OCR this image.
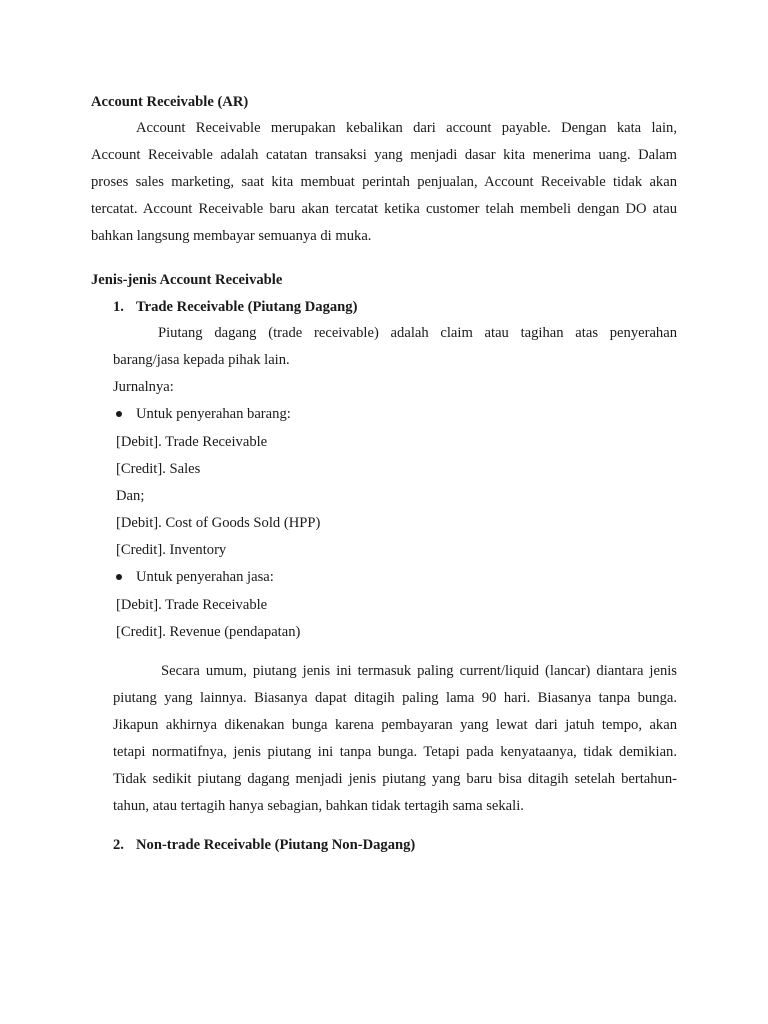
Account Receivable (AR)
Account Receivable merupakan kebalikan dari account payable. Dengan kata lain,
Account Receivable adalah catatan transaksi yang menjadi dasar kita menerima uang. Dalam
proses sales marketing, saat kita membuat perintah penjualan, Account Receivable tidak akan
tercatat. Account Receivable baru akan tercatat ketika customer telah membeli dengan DO atau
bahkan langsung membayar semuanya di muka.
Jenis-jenis Account Receivable
1. Trade Receivable (Piutang Dagang)
Piutang dagang (trade receivable) adalah claim atau tagihan atas penyerahan
barang/jasa kepada pihak lain.
Jurnalnya:
Untuk penyerahan barang:
[Debit]. Trade Receivable
[Credit]. Sales
Dan;
[Debit]. Cost of Goods Sold (HPP)
[Credit]. Inventory
Untuk penyerahan jasa:
[Debit]. Trade Receivable
[Credit]. Revenue (pendapatan)
Secara umum, piutang jenis ini termasuk paling current/liquid (lancar) diantara jenis
piutang yang lainnya. Biasanya dapat ditagih paling lama 90 hari. Biasanya tanpa bunga.
Jikapun akhirnya dikenakan bunga karena pembayaran yang lewat dari jatuh tempo, akan
tetapi normatifnya, jenis piutang ini tanpa bunga. Tetapi pada kenyataanya, tidak demikian.
Tidak sedikit piutang dagang menjadi jenis piutang yang baru bisa ditagih setelah bertahun-
tahun, atau tertagih hanya sebagian, bahkan tidak tertagih sama sekali.
2. Non-trade Receivable (Piutang Non-Dagang)
